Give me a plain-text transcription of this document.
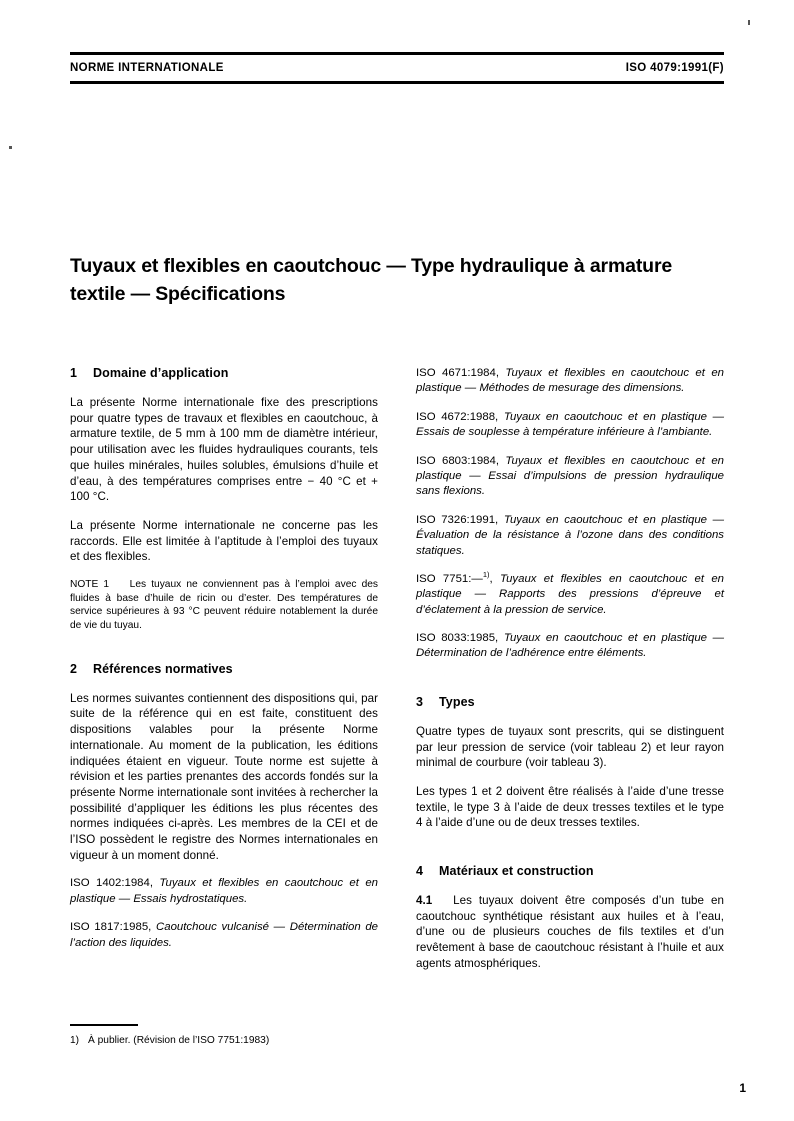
NORME INTERNATIONALE	ISO 4079:1991(F)
Tuyaux et flexibles en caoutchouc — Type hydraulique à armature textile — Spécifications
1 Domaine d’application

La présente Norme internationale fixe des prescriptions pour quatre types de travaux et flexibles en caoutchouc, à armature textile, de 5 mm à 100 mm de diamètre intérieur, pour utilisation avec les fluides hydrauliques courants, tels que huiles minérales, huiles solubles, émulsions d’huile et d’eau, à des températures comprises entre − 40 °C et + 100 °C.

La présente Norme internationale ne concerne pas les raccords. Elle est limitée à l’aptitude à l’emploi des tuyaux et des flexibles.

NOTE 1 Les tuyaux ne conviennent pas à l’emploi avec des fluides à base d’huile de ricin ou d’ester. Des températures de service supérieures à 93 °C peuvent réduire notablement la durée de vie du tuyau.

2 Références normatives

Les normes suivantes contiennent des dispositions qui, par suite de la référence qui en est faite, constituent des dispositions valables pour la présente Norme internationale. Au moment de la publication, les éditions indiquées étaient en vigueur. Toute norme est sujette à révision et les parties prenantes des accords fondés sur la présente Norme internationale sont invitées à rechercher la possibilité d’appliquer les éditions les plus récentes des normes indiquées ci-après. Les membres de la CEI et de l’ISO possèdent le registre des Normes internationales en vigueur à un moment donné.

ISO 1402:1984, Tuyaux et flexibles en caoutchouc et en plastique — Essais hydrostatiques.

ISO 1817:1985, Caoutchouc vulcanisé — Détermination de l’action des liquides.

ISO 4671:1984, Tuyaux et flexibles en caoutchouc et en plastique — Méthodes de mesurage des dimensions.

ISO 4672:1988, Tuyaux en caoutchouc et en plastique — Essais de souplesse à température inférieure à l’ambiante.

ISO 6803:1984, Tuyaux et flexibles en caoutchouc et en plastique — Essai d’impulsions de pression hydraulique sans flexions.

ISO 7326:1991, Tuyaux en caoutchouc et en plastique — Évaluation de la résistance à l’ozone dans des conditions statiques.

ISO 7751:—$^{1)}$, Tuyaux et flexibles en caoutchouc et en plastique — Rapports des pressions d’épreuve et d’éclatement à la pression de service.

ISO 8033:1985, Tuyaux en caoutchouc et en plastique — Détermination de l’adhérence entre éléments.

3 Types

Quatre types de tuyaux sont prescrits, qui se distinguent par leur pression de service (voir tableau 2) et leur rayon minimal de courbure (voir tableau 3).

Les types 1 et 2 doivent être réalisés à l’aide d’une tresse textile, le type 3 à l’aide de deux tresses textiles et le type 4 à l’aide d’une ou de deux tresses textiles.

4 Matériaux et construction

4.1 Les tuyaux doivent être composés d’un tube en caoutchouc synthétique résistant aux huiles et à l’eau, d’une ou de plusieurs couches de fils textiles et d’un revêtement à base de caoutchouc résistant à l’huile et aux agents atmosphériques.

1) À publier. (Révision de l’ISO 7751:1983)
1
